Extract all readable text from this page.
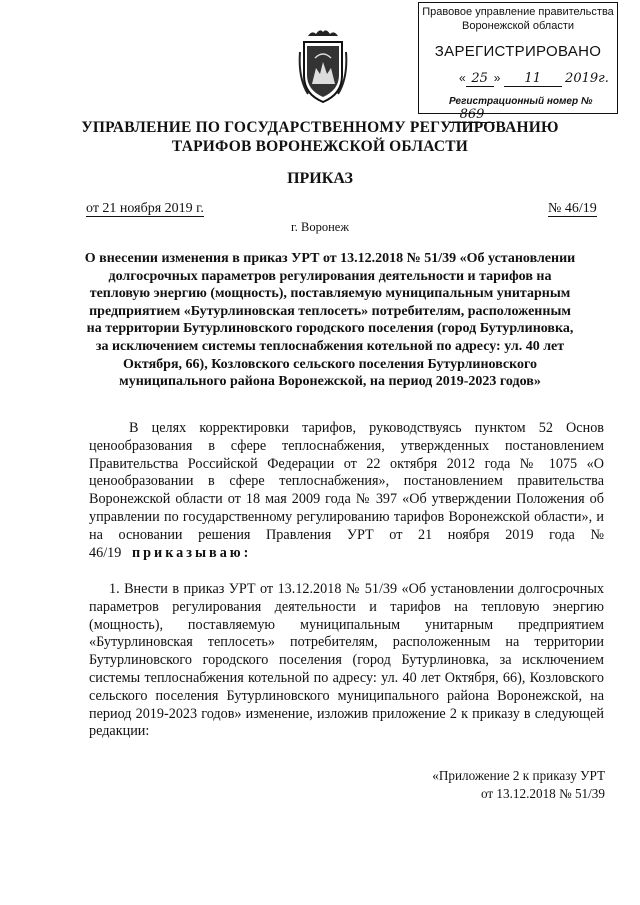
Правовое управление правительства
Воронежской области
ЗАРЕГИСТРИРОВАНО
« 25 » 11 2019г.
Регистрационный номер № 869
УПРАВЛЕНИЕ ПО ГОСУДАРСТВЕННОМУ РЕГУЛИРОВАНИЮ
ТАРИФОВ ВОРОНЕЖСКОЙ ОБЛАСТИ
ПРИКАЗ
от 21 ноября 2019 г.	№ 46/19
г. Воронеж
О внесении изменения в приказ УРТ от 13.12.2018 № 51/39 «Об установлении долгосрочных параметров регулирования деятельности и тарифов на тепловую энергию (мощность), поставляемую муниципальным унитарным предприятием «Бутурлиновская теплосеть» потребителям, расположенным на территории Бутурлиновского городского поселения (город Бутурлиновка, за исключением системы теплоснабжения котельной по адресу: ул. 40 лет Октября, 66), Козловского сельского поселения Бутурлиновского муниципального района Воронежской, на период 2019-2023 годов»
В целях корректировки тарифов, руководствуясь пунктом 52 Основ ценообразования в сфере теплоснабжения, утвержденных постановлением Правительства Российской Федерации от 22 октября 2012 года № 1075 «О ценообразовании в сфере теплоснабжения», постановлением правительства Воронежской области от 18 мая 2009 года № 397 «Об утверждении Положения об управлении по государственному регулированию тарифов Воронежской области», и на основании решения Правления УРТ от 21 ноября 2019 года № 46/19 приказываю:
1. Внести в приказ УРТ от 13.12.2018 № 51/39 «Об установлении долгосрочных параметров регулирования деятельности и тарифов на тепловую энергию (мощность), поставляемую муниципальным унитарным предприятием «Бутурлиновская теплосеть» потребителям, расположенным на территории Бутурлиновского городского поселения (город Бутурлиновка, за исключением системы теплоснабжения котельной по адресу: ул. 40 лет Октября, 66), Козловского сельского поселения Бутурлиновского муниципального района Воронежской, на период 2019-2023 годов» изменение, изложив приложение 2 к приказу в следующей редакции:
«Приложение 2 к приказу УРТ
от 13.12.2018 № 51/39
